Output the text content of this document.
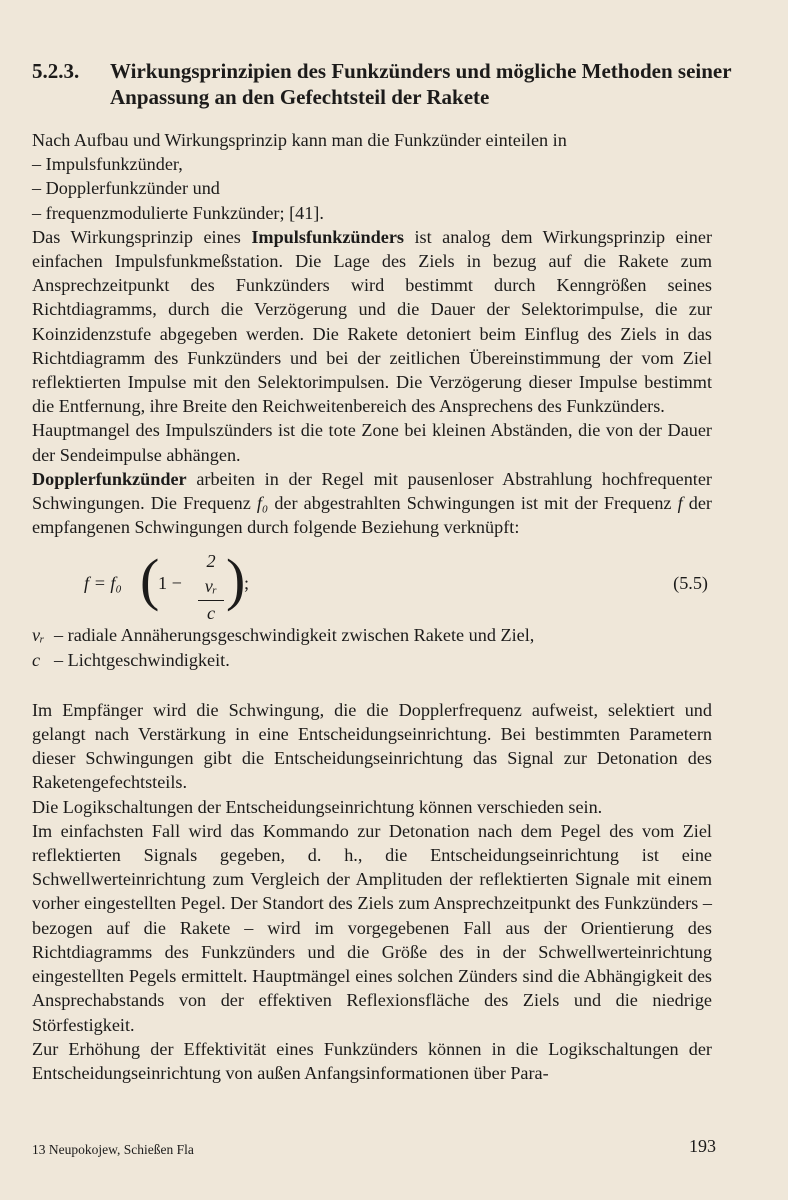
5.2.3. Wirkungsprinzipien des Funkzünders und mögliche Methoden seiner Anpassung an den Gefechtsteil der Rakete

Nach Aufbau und Wirkungsprinzip kann man die Funkzünder einteilen in

– Impulsfunkzünder,
– Dopplerfunkzünder und
– frequenzmodulierte Funkzünder; [41].

Das Wirkungsprinzip eines Impulsfunkzünders ist analog dem Wirkungsprinzip einer einfachen Impulsfunkmeßstation. Die Lage des Ziels in bezug auf die Rakete zum Ansprechzeitpunkt des Funkzünders wird bestimmt durch Kenngrößen seines Richtdiagramms, durch die Verzögerung und die Dauer der Selektorimpulse, die zur Koinzidenzstufe abgegeben werden. Die Rakete detoniert beim Einflug des Ziels in das Richtdiagramm des Funkzünders und bei der zeitlichen Übereinstimmung der vom Ziel reflektierten Impulse mit den Selektorimpulsen. Die Verzögerung dieser Impulse bestimmt die Entfernung, ihre Breite den Reichweitenbereich des Ansprechens des Funkzünders.

Hauptmangel des Impulszünders ist die tote Zone bei kleinen Abständen, die von der Dauer der Sendeimpulse abhängen.

Dopplerfunkzünder arbeiten in der Regel mit pausenloser Abstrahlung hochfrequenter Schwingungen. Die Frequenz f₀ der abgestrahlten Schwingungen ist mit der Frequenz f der empfangenen Schwingungen durch folgende Beziehung verknüpft:

f = f₀ (
$1 - \frac{\text{2 vᵣ}}{c}$ )
;	(5.5)
vᵣ – radiale Annäherungsgeschwindigkeit zwischen Rakete und Ziel,
c – Lichtgeschwindigkeit.

Im Empfänger wird die Schwingung, die die Dopplerfrequenz aufweist, selektiert und gelangt nach Verstärkung in eine Entscheidungseinrichtung. Bei bestimmten Parametern dieser Schwingungen gibt die Entscheidungseinrichtung das Signal zur Detonation des Raketengefechtsteils.

Die Logikschaltungen der Entscheidungseinrichtung können verschieden sein.

Im einfachsten Fall wird das Kommando zur Detonation nach dem Pegel des vom Ziel reflektierten Signals gegeben, d. h., die Entscheidungseinrichtung ist eine Schwellwerteinrichtung zum Vergleich der Amplituden der reflektierten Signale mit einem vorher eingestellten Pegel. Der Standort des Ziels zum Ansprechzeitpunkt des Funkzünders – bezogen auf die Rakete – wird im vorgegebenen Fall aus der Orientierung des Richtdiagramms des Funkzünders und die Größe des in der Schwellwerteinrichtung eingestellten Pegels ermittelt. Hauptmängel eines solchen Zünders sind die Abhängigkeit des Ansprechabstands von der effektiven Reflexionsfläche des Ziels und die niedrige Störfestigkeit.

Zur Erhöhung der Effektivität eines Funkzünders können in die Logikschaltungen der Entscheidungseinrichtung von außen Anfangsinformationen über Para-

13 Neupokojew, Schießen Fla	193
